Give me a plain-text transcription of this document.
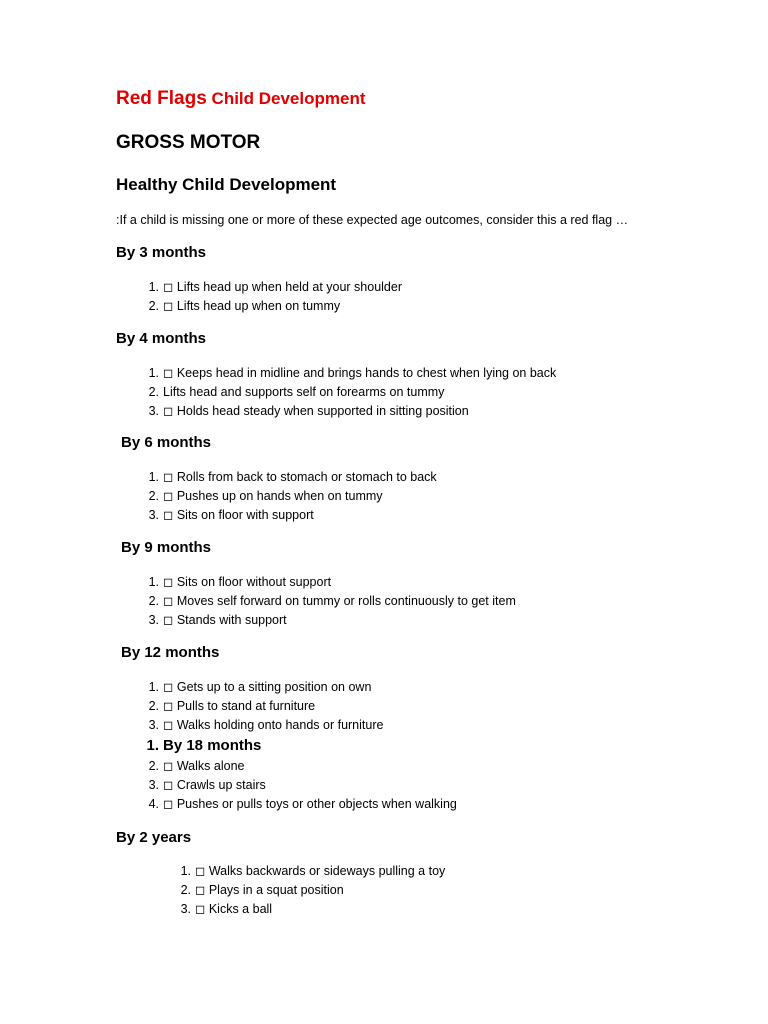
Red Flags Child Development
GROSS MOTOR
Healthy Child Development
:If a child is missing one or more of these expected age outcomes, consider this a red flag …
By 3 months
1. ◻ Lifts head up when held at your shoulder
2. ◻ Lifts head up when on tummy
By 4 months
1. ◻ Keeps head in midline and brings hands to chest when lying on back
2. Lifts head and supports self on forearms on tummy
3. ◻ Holds head steady when supported in sitting position
By 6 months
1. ◻ Rolls from back to stomach or stomach to back
2. ◻ Pushes up on hands when on tummy
3. ◻ Sits on floor with support
By 9 months
1. ◻ Sits on floor without support
2. ◻ Moves self forward on tummy or rolls continuously to get item
3. ◻ Stands with support
By 12 months
1. ◻ Gets up to a sitting position on own
2. ◻ Pulls to stand at furniture
3. ◻ Walks holding onto hands or furniture
1. By 18 months
2. ◻ Walks alone
3. ◻ Crawls up stairs
4. ◻ Pushes or pulls toys or other objects when walking
By 2 years
1. ◻ Walks backwards or sideways pulling a toy
2. ◻ Plays in a squat position
3. ◻ Kicks a ball
